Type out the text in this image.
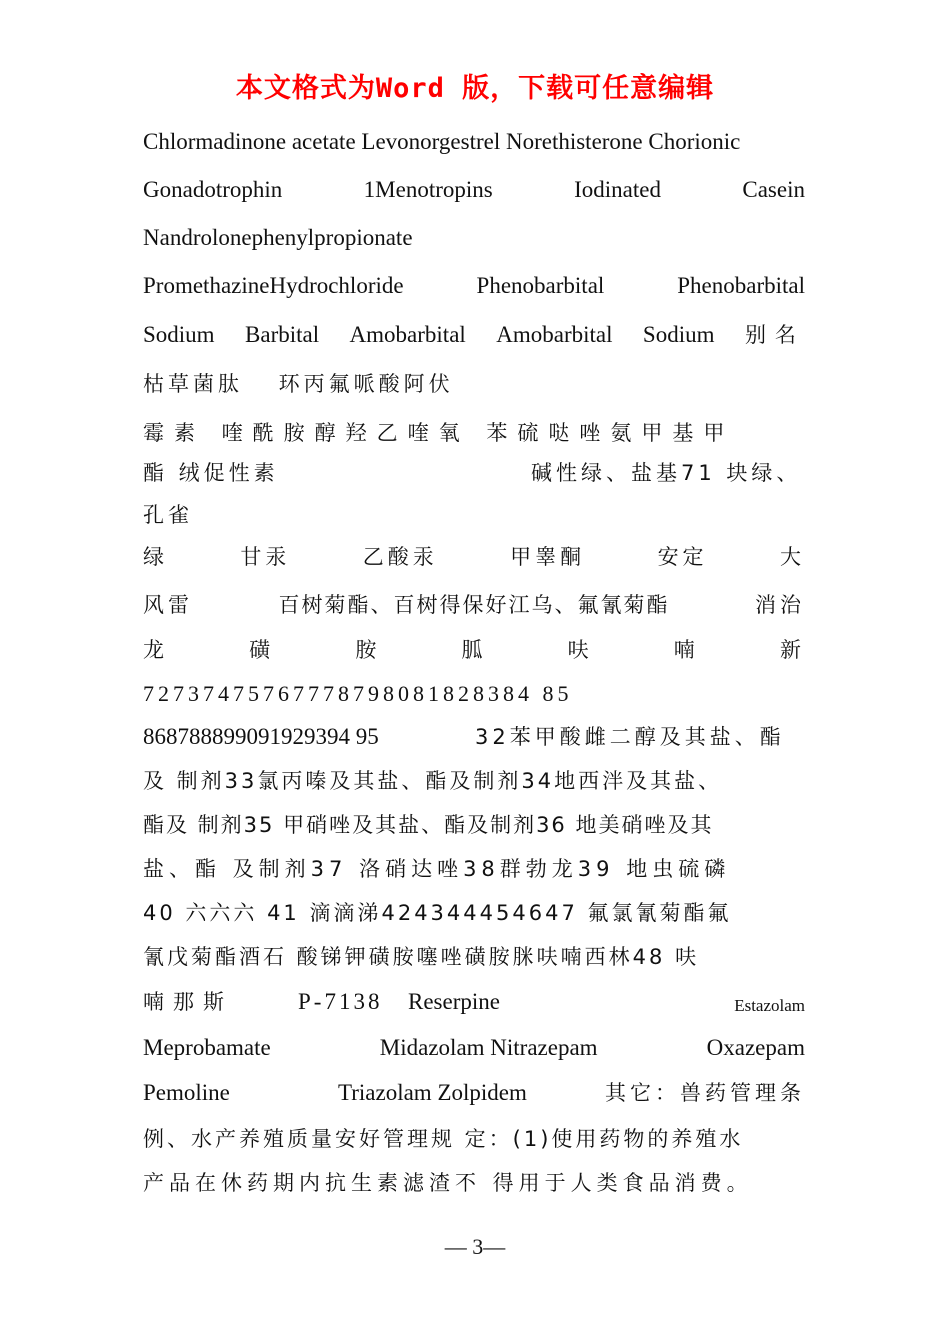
本文格式为Word 版，下载可任意编辑
Chlormadinone acetate Levonorgestrel Norethisterone Chorionic
Gonadotrophin	1Menotropins	Iodinated	Casein
Nandrolonephenylpropionate
PromethazineHydrochloride	Phenobarbital	Phenobarbital
Sodium Barbital Amobarbital Amobarbital Sodium 别名
枯草菌肽　 环丙氟哌酸阿伏
霉素 喹酰胺醇羟乙喹氧 苯硫哒唑氨甲基甲
酯 绒促性素	碱性绿、盐基71 块绿、
孔雀
绿	甘汞	乙酸汞	甲睾酮	安定	大
风雷	百树菊酯、百树得保好江乌、氟氰菊酯	消治
龙	磺	胺	胍	呋	喃	新
72737475767778798081828384 85
868788899091929394 95	32苯甲酸雌二醇及其盐、酯
及 制剂33氯丙嗪及其盐、酯及制剂34地西泮及其盐、
酯及 制剂35 甲硝唑及其盐、酯及制剂36 地美硝唑及其
盐、酯 及制剂37 洛硝达唑38群勃龙39 地虫硫磷
40 六六六 41 滴滴涕424344454647 氟氯氰菊酯氟
氰戊菊酯酒石 酸锑钾磺胺噻唑磺胺脒呋喃西林48 呋
喃那斯	P-7138 Reserpine	Estazolam
Meprobamate	Midazolam Nitrazepam	Oxazepam
Pemoline	Triazolam Zolpidem	其它：兽药管理条
例、水产养殖质量安好管理规 定：(1)使用药物的养殖水
产品在休药期内抗生素滤渣不 得用于人类食品消费。
— 3—
